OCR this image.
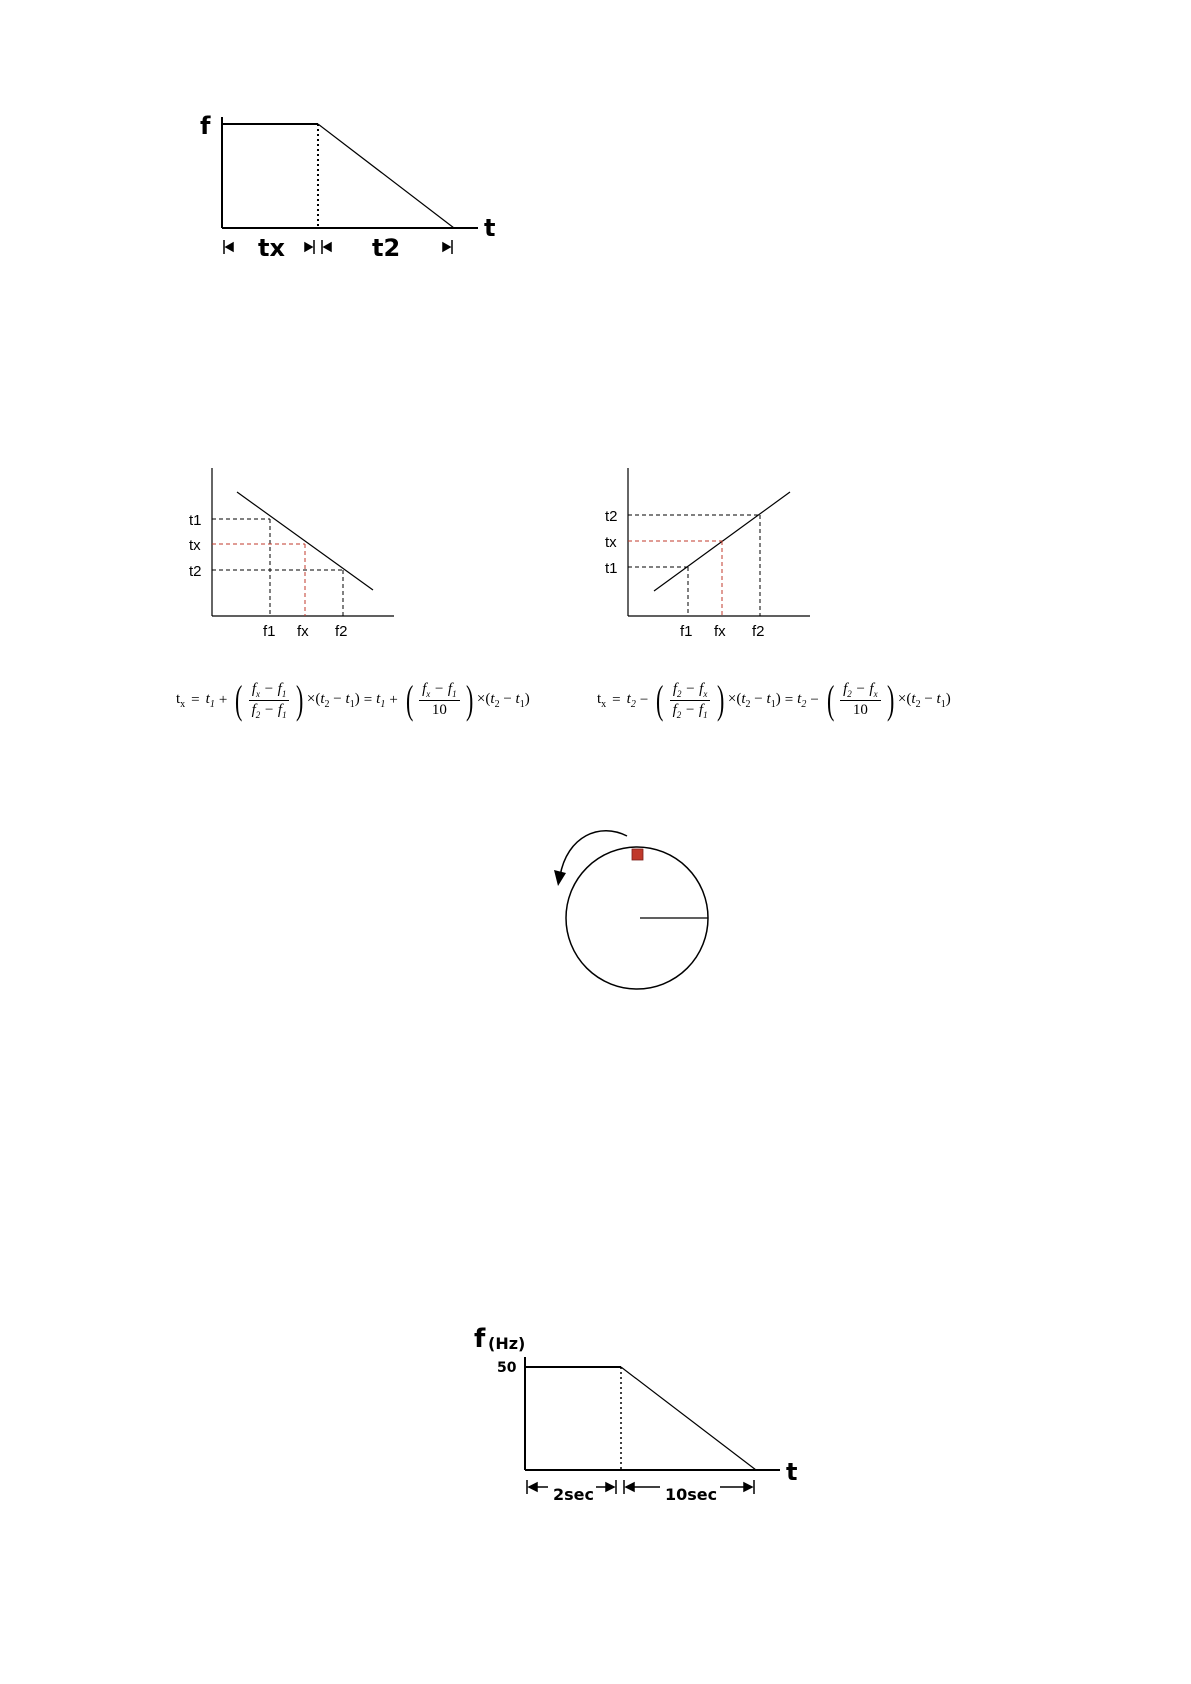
f
t
tx	t2
t1
tx
t2
f1 fx f2
t2
tx
t1
f1 fx f2
f (Hz)
50
t
2sec	10sec
$t_x = t_1$ + ( $\frac{f_x - f_1}{f_2 - f_1}$ ) $\times(t_2 - t_1) = t_1$ + ( $\frac{f_x - f_1}{10}$ ) $\times(t_2 - t_1)$	$t_x = t_2$ − ( $\frac{f_2 - f_x}{f_2 - f_1}$ ) $\times(t_2 - t_1) = t_2$ − ( $\frac{f_2 - f_x}{10}$ ) $\times(t_2 - t_1)$
